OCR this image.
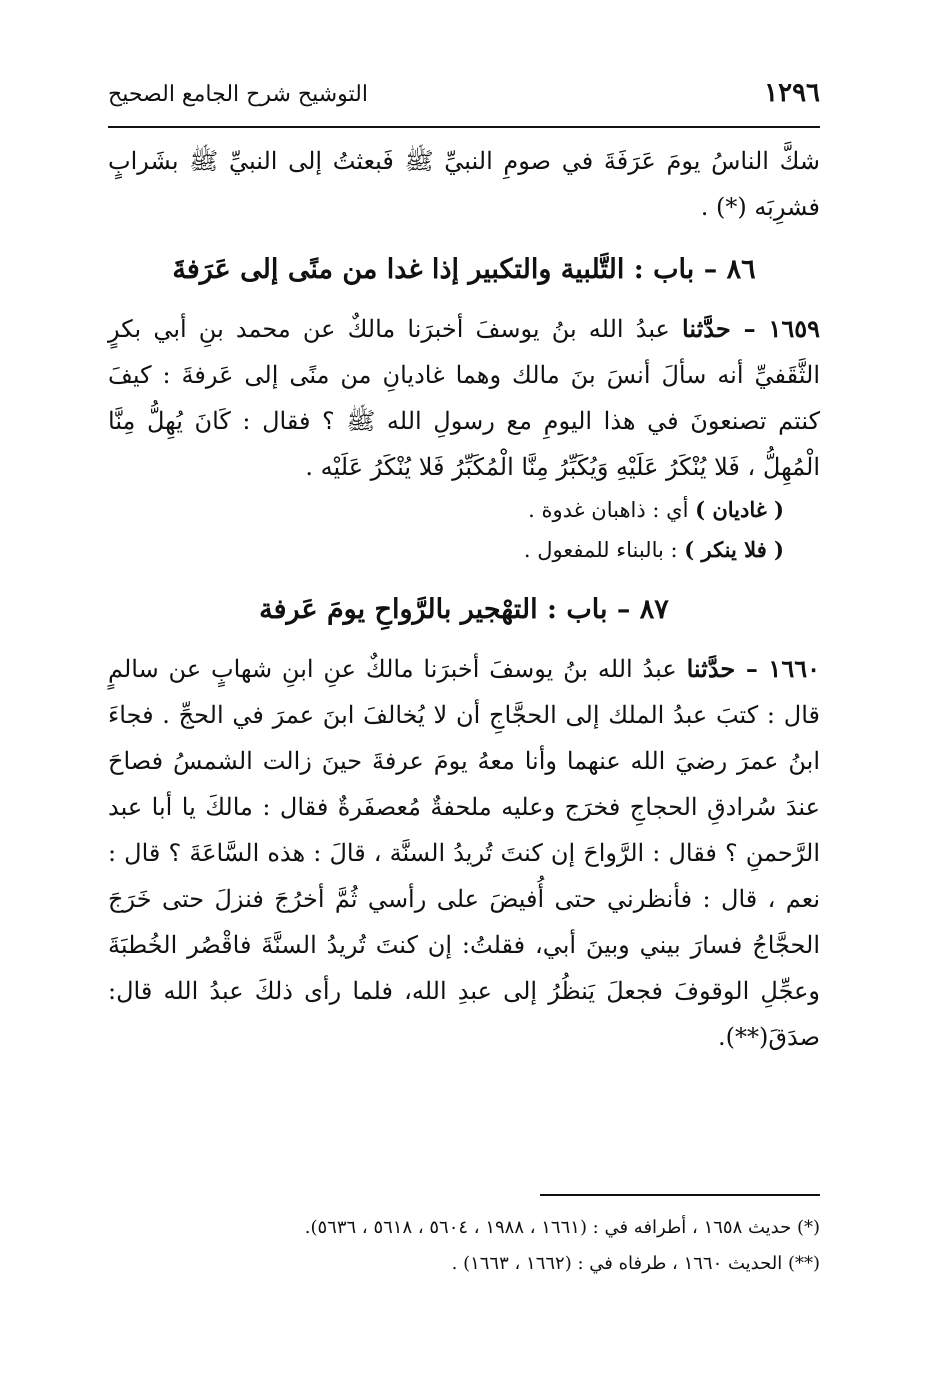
١٢٩٦
التوشيح شرح الجامع الصحيح

شكَّ الناسُ يومَ عَرَفَةَ في صومِ النبيِّ ﷺ فَبعثتُ إلى النبيِّ ﷺ بشَرابٍ فشرِبَه (*) .

٨٦ – باب : التَّلبية والتكبير إذا غدا من منًى إلى عَرَفةَ

١٦٥٩ – حدَّثنا عبدُ الله بنُ يوسفَ أخبرَنا مالكٌ عن محمد بنِ أبي بكرٍ الثَّقَفيِّ أنه سألَ أنسَ بنَ مالك وهما غاديانِ من منًى إلى عَرفةَ : كيفَ كنتم تصنعونَ في هذا اليومِ مع رسولِ الله ﷺ ؟ فقال : كَانَ يُهِلُّ مِنَّا الْمُهِلُّ ، فَلا يُنْكَرُ عَلَيْهِ وَيُكَبِّرُ مِنَّا الْمُكَبِّرُ فَلا يُنْكَرُ عَلَيْه .

( غاديان ) أي : ذاهبان غدوة .

( فلا ينكر ) : بالبناء للمفعول .

٨٧ – باب : التهْجير بالرَّواحِ يومَ عَرفة

١٦٦٠ – حدَّثنا عبدُ الله بنُ يوسفَ أخبرَنا مالكٌ عنِ ابنِ شهابٍ عن سالمٍ قال : كتبَ عبدُ الملك إلى الحجَّاجِ أن لا يُخالفَ ابنَ عمرَ في الحجِّ . فجاءَ ابنُ عمرَ رضيَ الله عنهما وأنا معهُ يومَ عرفةَ حينَ زالت الشمسُ فصاحَ عندَ سُرادقِ الحجاجِ فخرَج وعليه ملحفةٌ مُعصفَرةٌ فقال : مالكَ يا أبا عبد الرَّحمنِ ؟ فقال : الرَّواحَ إن كنتَ تُريدُ السنَّة ، قالَ : هذه السَّاعَةَ ؟ قال : نعم ، قال : فأنظرني حتى أُفيضَ على رأسي ثُمَّ أخرُجَ فنزلَ حتى خَرَجَ الحجَّاجُ فسارَ بيني وبينَ أبي، فقلتُ: إن كنتَ تُريدُ السنَّةَ فاقْصُر الخُطبَةَ وعجِّلِ الوقوفَ فجعلَ يَنظُرُ إلى عبدِ الله، فلما رأى ذلكَ عبدُ الله قال: صدَقَ(**).

(*) حديث ١٦٥٨ ، أطرافه في : (١٦٦١ ، ١٩٨٨ ، ٥٦٠٤ ، ٥٦١٨ ، ٥٦٣٦).

(**) الحديث ١٦٦٠ ، طرفاه في : (١٦٦٢ ، ١٦٦٣) .
